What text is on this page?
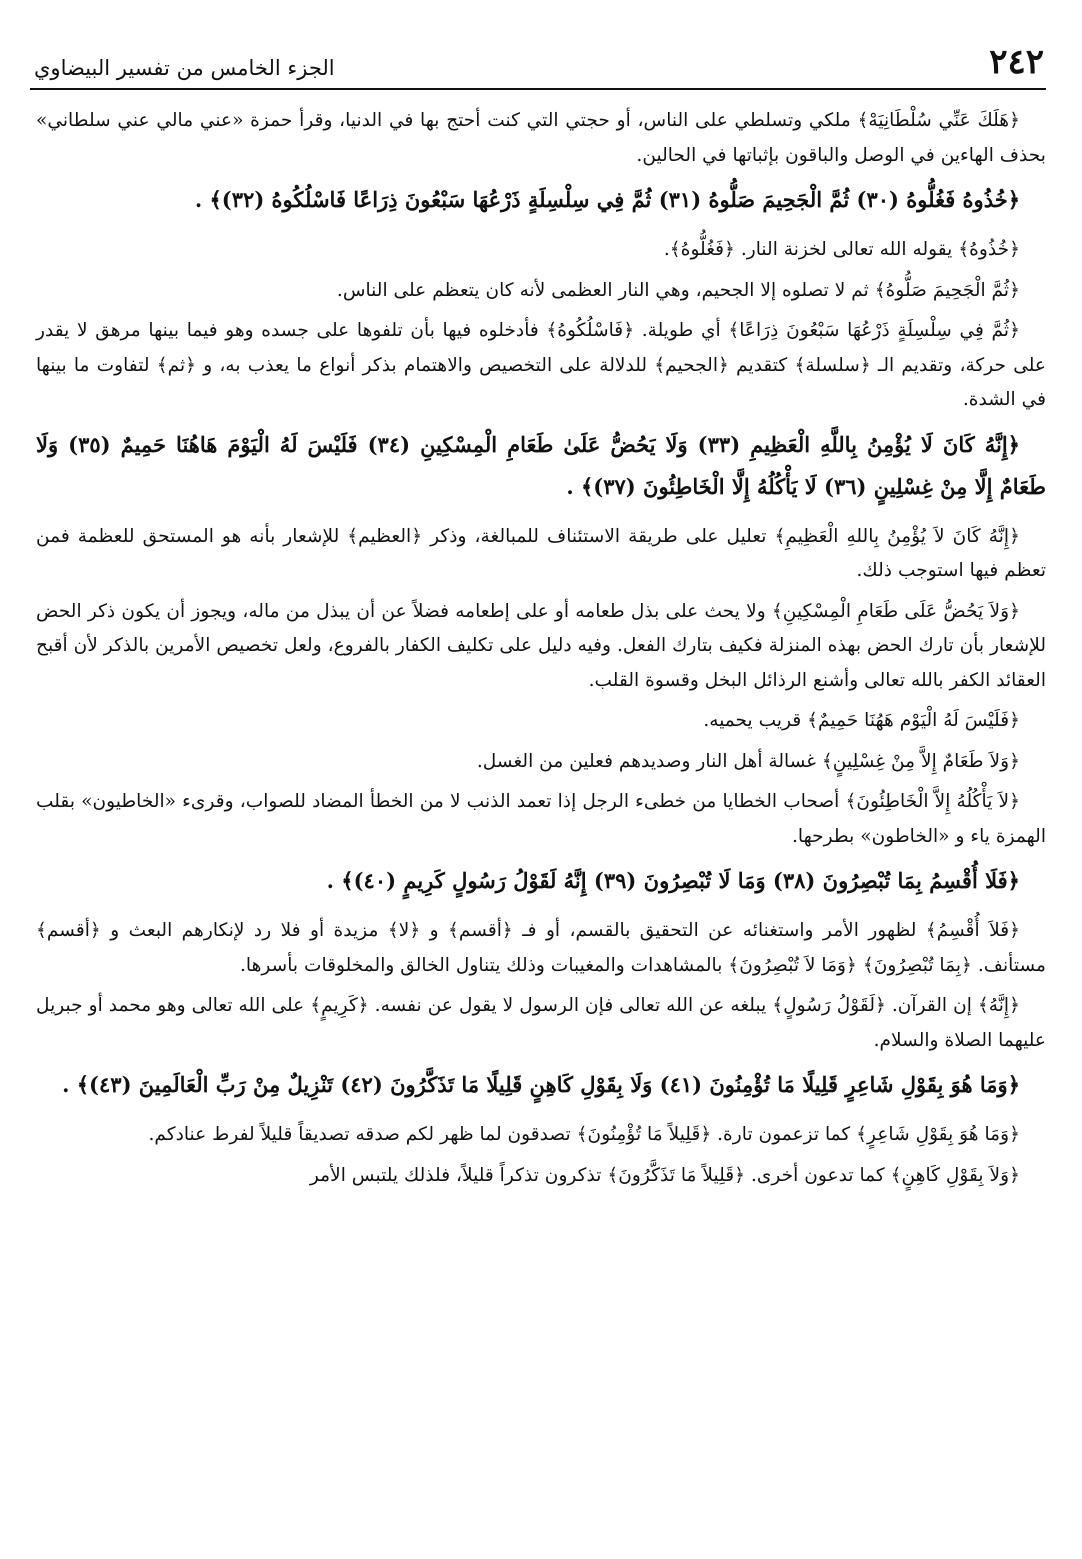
٢٤٢
الجزء الخامس من تفسير البيضاوي

﴿هَلَكَ عَنِّي سُلْطَانِيَهْ﴾ ملكي وتسلطي على الناس، أو حجتي التي كنت أحتج بها في الدنيا، وقرأ حمزة «عني مالي عني سلطاني» بحذف الهاءين في الوصل والباقون بإثباتها في الحالين.

﴿خُذُوهُ فَغُلُّوهُ (٣٠) ثُمَّ الْجَحِيمَ صَلُّوهُ (٣١) ثُمَّ فِي سِلْسِلَةٍ ذَرْعُهَا سَبْعُونَ ذِرَاعًا فَاسْلُكُوهُ (٣٢)﴾ .

﴿خُذُوهُ﴾ يقوله الله تعالى لخزنة النار. ﴿فَغُلُّوهُ﴾.

﴿ثُمَّ الْجَحِيمَ صَلُّوهُ﴾ ثم لا تصلوه إلا الجحيم، وهي النار العظمى لأنه كان يتعظم على الناس.

﴿ثُمَّ فِي سِلْسِلَةٍ ذَرْعُهَا سَبْعُونَ ذِرَاعًا﴾ أي طويلة. ﴿فَاسْلُكُوهُ﴾ فأدخلوه فيها بأن تلفوها على جسده وهو فيما بينها مرهق لا يقدر على حركة، وتقديم الـ ﴿سلسلة﴾ كتقديم ﴿الجحيم﴾ للدلالة على التخصيص والاهتمام بذكر أنواع ما يعذب به، و ﴿ثم﴾ لتفاوت ما بينها في الشدة.

﴿إِنَّهُ كَانَ لَا يُؤْمِنُ بِاللَّهِ الْعَظِيمِ (٣٣) وَلَا يَحُضُّ عَلَىٰ طَعَامِ الْمِسْكِينِ (٣٤) فَلَيْسَ لَهُ الْيَوْمَ هَاهُنَا حَمِيمٌ (٣٥) وَلَا طَعَامٌ إِلَّا مِنْ غِسْلِينٍ (٣٦) لَا يَأْكُلُهُ إِلَّا الْخَاطِئُونَ (٣٧)﴾ .

﴿إِنَّهُ كَانَ لاَ يُؤْمِنُ بِاللهِ الْعَظِيمِ﴾ تعليل على طريقة الاستئناف للمبالغة، وذكر ﴿العظيم﴾ للإشعار بأنه هو المستحق للعظمة فمن تعظم فيها استوجب ذلك.

﴿وَلاَ يَحُضُّ عَلَى طَعَامِ الْمِسْكِينِ﴾ ولا يحث على بذل طعامه أو على إطعامه فضلاً عن أن يبذل من ماله، ويجوز أن يكون ذكر الحض للإشعار بأن تارك الحض بهذه المنزلة فكيف بتارك الفعل. وفيه دليل على تكليف الكفار بالفروع، ولعل تخصيص الأمرين بالذكر لأن أقبح العقائد الكفر بالله تعالى وأشنع الرذائل البخل وقسوة القلب.

﴿فَلَيْسَ لَهُ الْيَوْم هَهُنَا حَمِيمٌ﴾ قريب يحميه.

﴿وَلاَ طَعَامٌ إِلاَّ مِنْ غِسْلِينٍ﴾ غسالة أهل النار وصديدهم فعلين من الغسل.

﴿لاَ يَأْكُلُهُ إِلاَّ الْخَاطِئُونَ﴾ أصحاب الخطايا من خطىء الرجل إذا تعمد الذنب لا من الخطأ المضاد للصواب، وقرىء «الخاطيون» بقلب الهمزة ياء و «الخاطون» بطرحها.

﴿فَلَا أُقْسِمُ بِمَا تُبْصِرُونَ (٣٨) وَمَا لَا تُبْصِرُونَ (٣٩) إِنَّهُ لَقَوْلُ رَسُولٍ كَرِيمٍ (٤٠)﴾ .

﴿فَلاَ أُقْسِمُ﴾ لظهور الأمر واستغنائه عن التحقيق بالقسم، أو فـ ﴿أقسم﴾ و ﴿لا﴾ مزيدة أو فلا رد لإنكارهم البعث و ﴿أقسم﴾ مستأنف. ﴿بِمَا تُبْصِرُونَ﴾ ﴿وَمَا لاَ تُبْصِرُونَ﴾ بالمشاهدات والمغيبات وذلك يتناول الخالق والمخلوقات بأسرها.

﴿إِنَّهُ﴾ إن القرآن. ﴿لَقَوْلُ رَسُولٍ﴾ يبلغه عن الله تعالى فإن الرسول لا يقول عن نفسه. ﴿كَرِيمٍ﴾ على الله تعالى وهو محمد أو جبريل عليهما الصلاة والسلام.

﴿وَمَا هُوَ بِقَوْلِ شَاعِرٍ قَلِيلًا مَا تُؤْمِنُونَ (٤١) وَلَا بِقَوْلِ كَاهِنٍ قَلِيلًا مَا تَذَكَّرُونَ (٤٢) تَنْزِيلٌ مِنْ رَبِّ الْعَالَمِينَ (٤٣)﴾ .

﴿وَمَا هُوَ بِقَوْلِ شَاعِرٍ﴾ كما تزعمون تارة. ﴿قَلِيلاً مَا تُؤْمِنُونَ﴾ تصدقون لما ظهر لكم صدقه تصديقاً قليلاً لفرط عنادكم.

﴿وَلاَ بِقَوْلِ كَاهِنٍ﴾ كما تدعون أخرى. ﴿قَلِيلاً مَا تَذَكَّرُونَ﴾ تذكرون تذكراً قليلاً، فلذلك يلتبس الأمر
